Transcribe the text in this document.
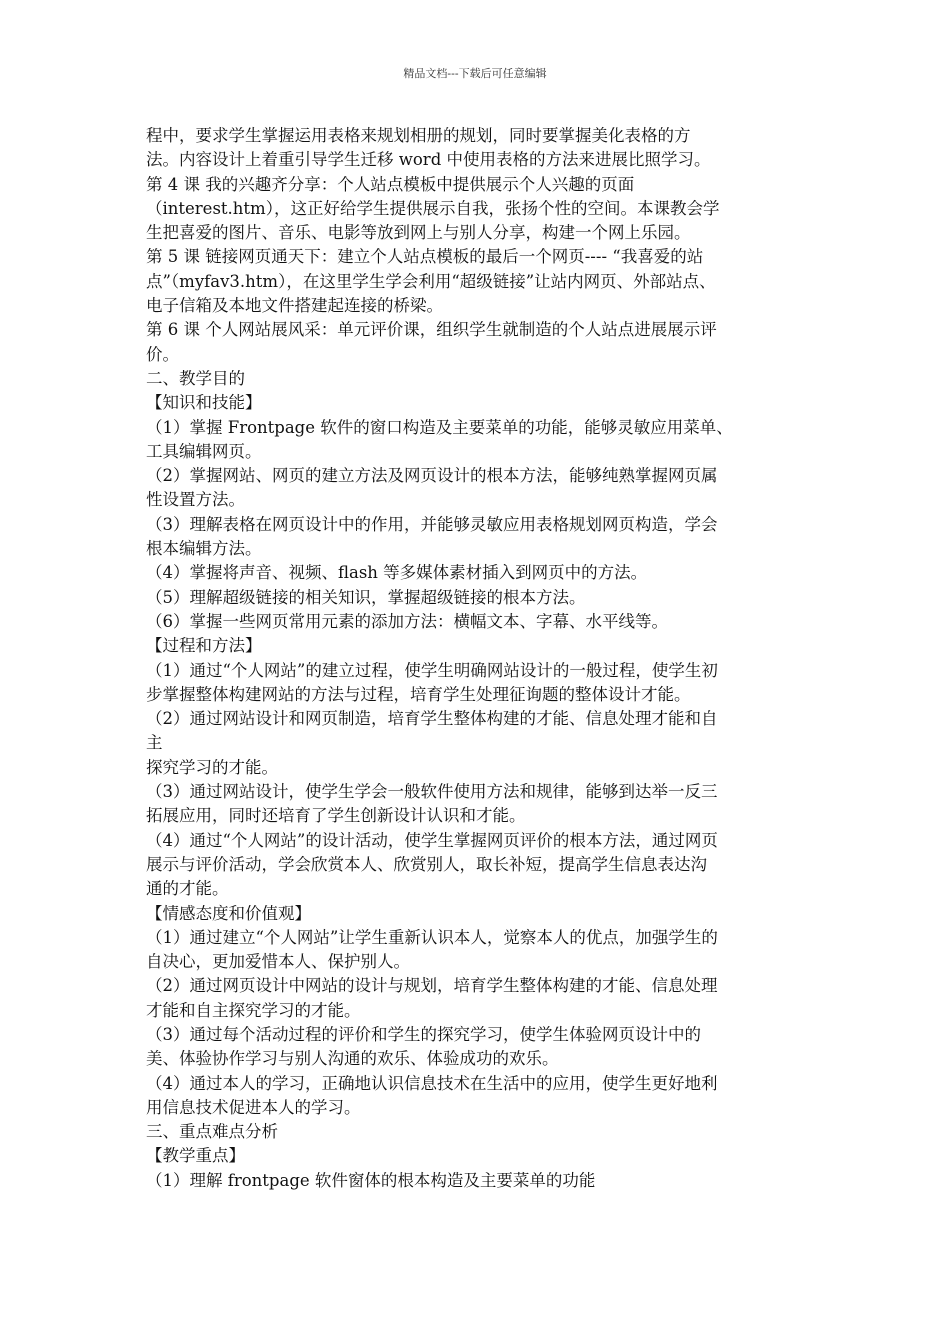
精品文档---下载后可任意编辑
程中，要求学生掌握运用表格来规划相册的规划，同时要掌握美化表格的方
法。内容设计上着重引导学生迁移 word 中使用表格的方法来进展比照学习。
第 4 课 我的兴趣齐分享：个人站点模板中提供展示个人兴趣的页面
（interest.htm），这正好给学生提供展示自我，张扬个性的空间。本课教会学
生把喜爱的图片、音乐、电影等放到网上与别人分享，构建一个网上乐园。
第 5 课 链接网页通天下：建立个人站点模板的最后一个网页---- “我喜爱的站
点”（myfav3.htm），在这里学生学会利用“超级链接”让站内网页、外部站点、
电子信箱及本地文件搭建起连接的桥梁。
第 6 课 个人网站展风采：单元评价课，组织学生就制造的个人站点进展展示评
价。
二、教学目的
【知识和技能】
（1）掌握 Frontpage 软件的窗口构造及主要菜单的功能，能够灵敏应用菜单、
工具编辑网页。
（2）掌握网站、网页的建立方法及网页设计的根本方法，能够纯熟掌握网页属
性设置方法。
（3）理解表格在网页设计中的作用，并能够灵敏应用表格规划网页构造，学会
根本编辑方法。
（4）掌握将声音、视频、flash 等多媒体素材插入到网页中的方法。
（5）理解超级链接的相关知识，掌握超级链接的根本方法。
（6）掌握一些网页常用元素的添加方法：横幅文本、字幕、水平线等。
【过程和方法】
（1）通过“个人网站”的建立过程，使学生明确网站设计的一般过程，使学生初
步掌握整体构建网站的方法与过程，培育学生处理征询题的整体设计才能。
（2）通过网站设计和网页制造，培育学生整体构建的才能、信息处理才能和自
主
探究学习的才能。
（3）通过网站设计，使学生学会一般软件使用方法和规律，能够到达举一反三
拓展应用，同时还培育了学生创新设计认识和才能。
（4）通过“个人网站”的设计活动，使学生掌握网页评价的根本方法，通过网页
展示与评价活动，学会欣赏本人、欣赏别人，取长补短，提高学生信息表达沟
通的才能。
【情感态度和价值观】
（1）通过建立“个人网站”让学生重新认识本人，觉察本人的优点，加强学生的
自决心，更加爱惜本人、保护别人。
（2）通过网页设计中网站的设计与规划，培育学生整体构建的才能、信息处理
才能和自主探究学习的才能。
（3）通过每个活动过程的评价和学生的探究学习，使学生体验网页设计中的
美、体验协作学习与别人沟通的欢乐、体验成功的欢乐。
（4）通过本人的学习，正确地认识信息技术在生活中的应用，使学生更好地利
用信息技术促进本人的学习。
三、重点难点分析
【教学重点】
（1）理解 frontpage 软件窗体的根本构造及主要菜单的功能
